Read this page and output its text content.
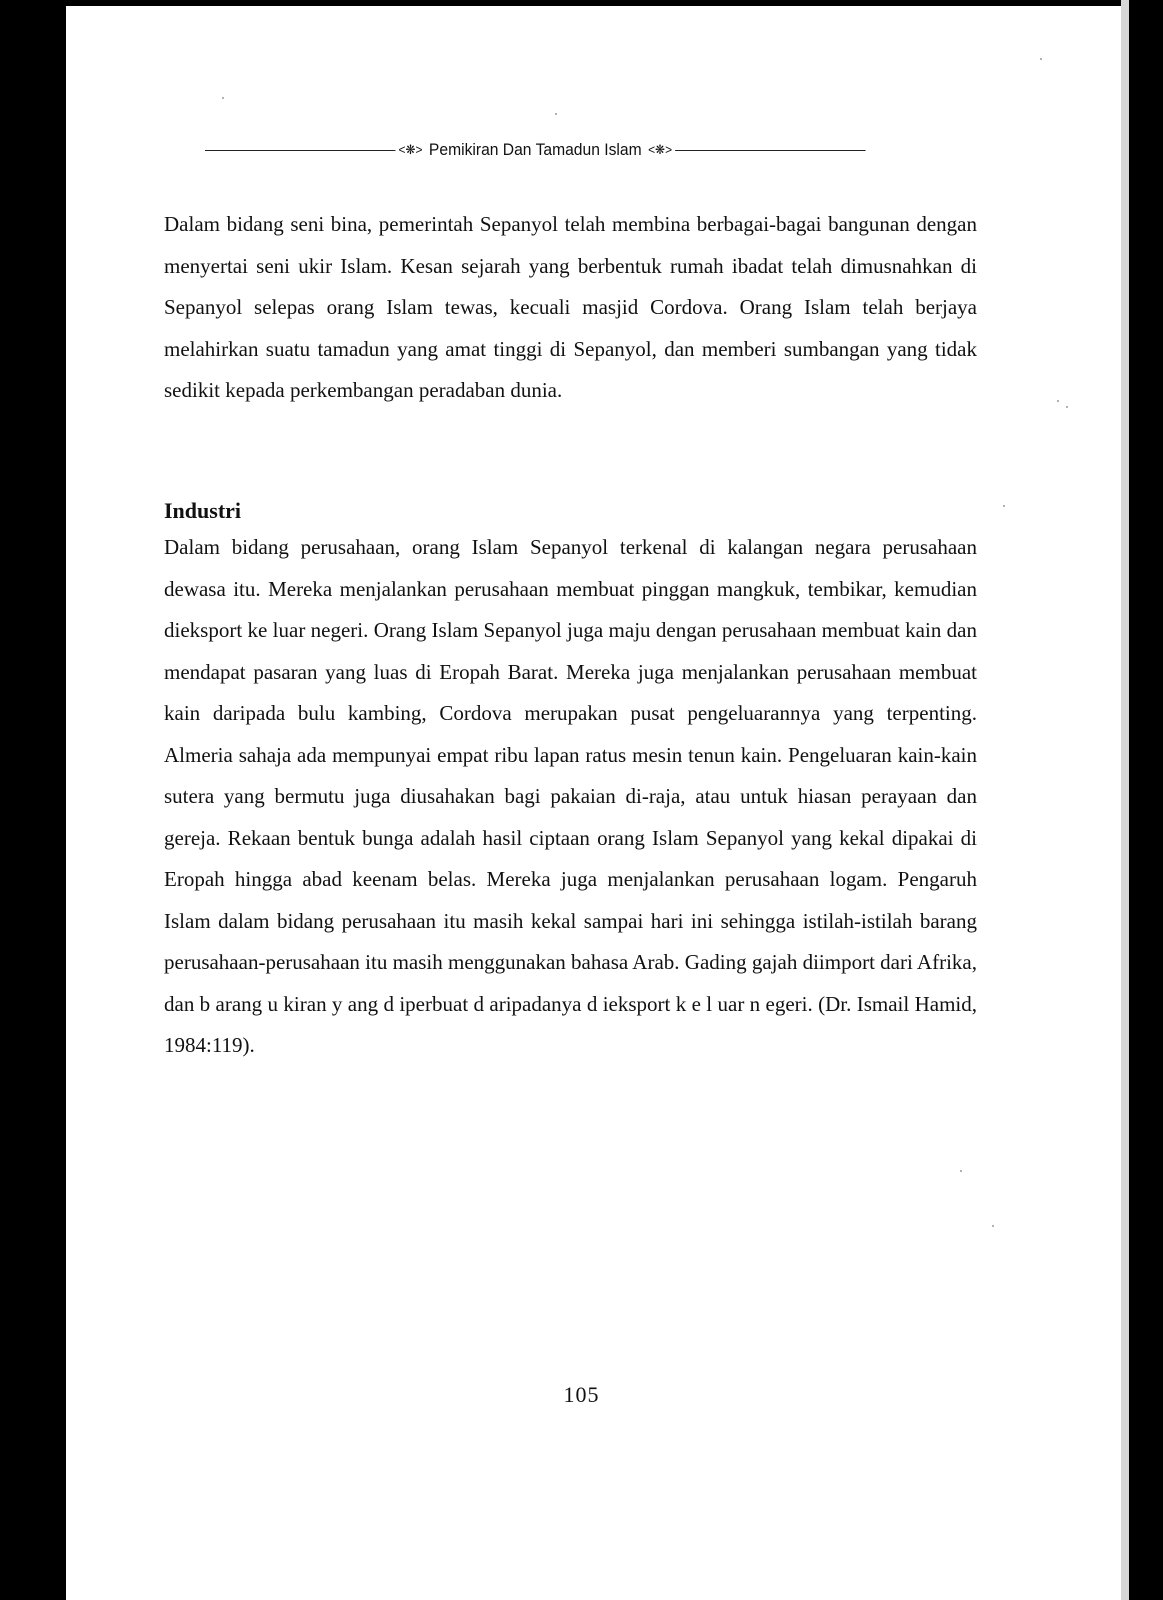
<❋> Pemikiran Dan Tamadun Islam <❋>

Dalam bidang seni bina, pemerintah Sepanyol telah membina berbagai-bagai bangunan dengan menyertai seni ukir Islam. Kesan sejarah yang berbentuk rumah ibadat telah dimusnahkan di Sepanyol selepas orang Islam tewas, kecuali masjid Cordova. Orang Islam telah berjaya melahirkan suatu tamadun yang amat tinggi di Sepanyol, dan memberi sumbangan yang tidak sedikit kepada perkembangan peradaban dunia.

Industri

Dalam bidang perusahaan, orang Islam Sepanyol terkenal di kalangan negara perusahaan dewasa itu. Mereka menjalankan perusahaan membuat pinggan mangkuk, tembikar, kemudian dieksport ke luar negeri. Orang Islam Sepanyol juga maju dengan perusahaan membuat kain dan mendapat pasaran yang luas di Eropah Barat. Mereka juga menjalankan perusahaan membuat kain daripada bulu kambing, Cordova merupakan pusat pengeluarannya yang terpenting. Almeria sahaja ada mempunyai empat ribu lapan ratus mesin tenun kain. Pengeluaran kain-kain sutera yang bermutu juga diusahakan bagi pakaian di-raja, atau untuk hiasan perayaan dan gereja. Rekaan bentuk bunga adalah hasil ciptaan orang Islam Sepanyol yang kekal dipakai di Eropah hingga abad keenam belas. Mereka juga menjalankan perusahaan logam. Pengaruh Islam dalam bidang perusahaan itu masih kekal sampai hari ini sehingga istilah-istilah barang perusahaan-perusahaan itu masih menggunakan bahasa Arab. Gading gajah diimport dari Afrika, dan b arang u kiran y ang d iperbuat d aripadanya d ieksport k e l uar n egeri. (Dr. Ismail Hamid, 1984:119).

105
